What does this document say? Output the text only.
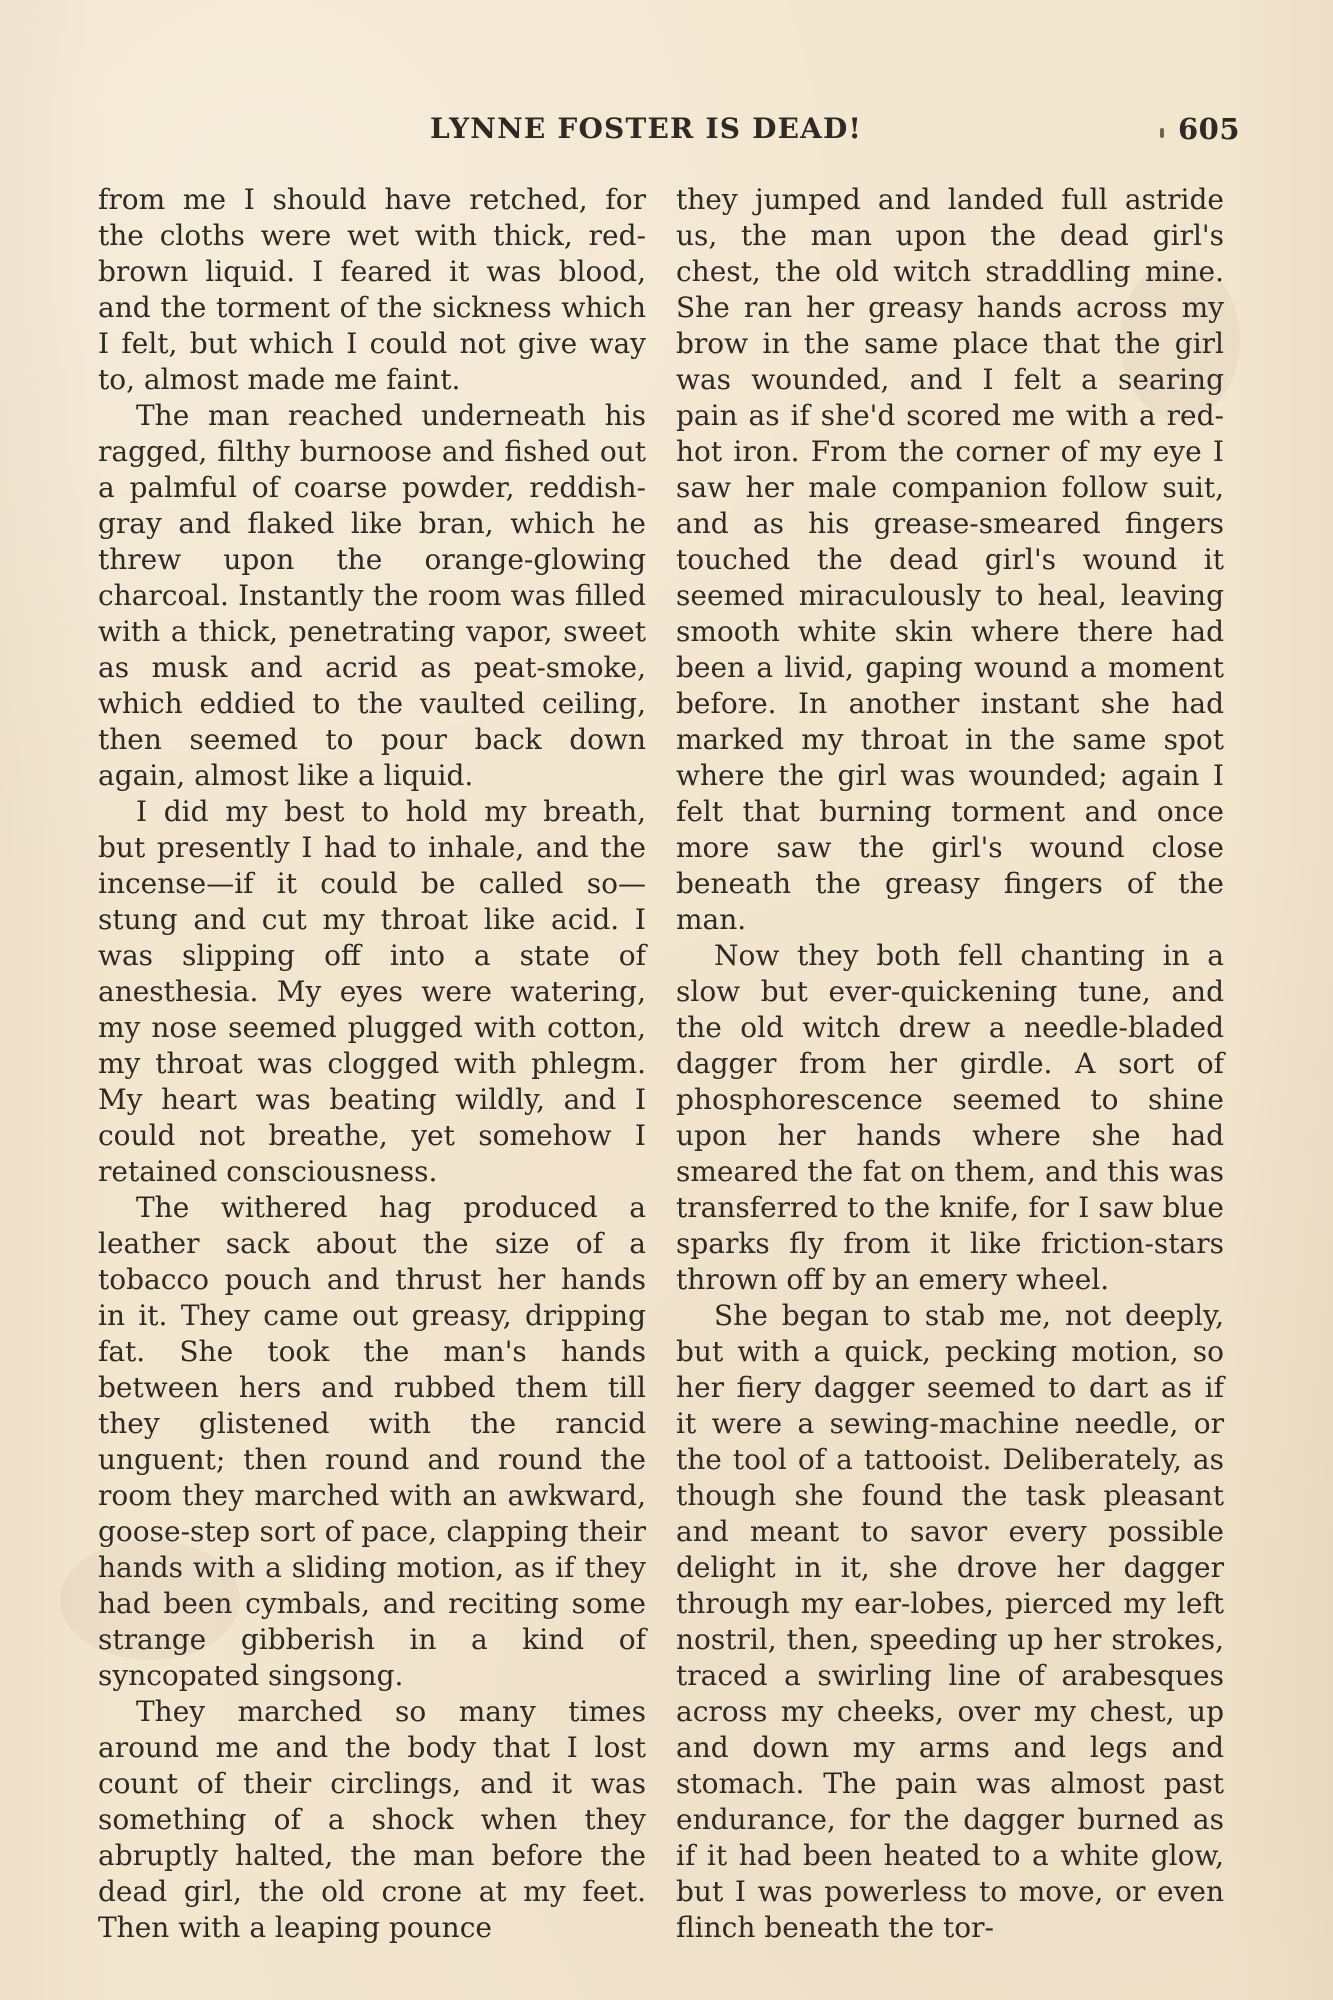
LYNNE FOSTER IS DEAD!	605

from me I should have retched, for the cloths were wet with thick, red-brown liquid. I feared it was blood, and the torment of the sickness which I felt, but which I could not give way to, almost made me faint.

The man reached underneath his ragged, filthy burnoose and fished out a palmful of coarse powder, reddish-gray and flaked like bran, which he threw upon the orange-glowing charcoal. Instantly the room was filled with a thick, penetrating vapor, sweet as musk and acrid as peat-smoke, which eddied to the vaulted ceiling, then seemed to pour back down again, almost like a liquid.

I did my best to hold my breath, but presently I had to inhale, and the incense—if it could be called so—stung and cut my throat like acid. I was slipping off into a state of anesthesia. My eyes were watering, my nose seemed plugged with cotton, my throat was clogged with phlegm. My heart was beating wildly, and I could not breathe, yet somehow I retained consciousness.

The withered hag produced a leather sack about the size of a tobacco pouch and thrust her hands in it. They came out greasy, dripping fat. She took the man's hands between hers and rubbed them till they glistened with the rancid unguent; then round and round the room they marched with an awkward, goose-step sort of pace, clapping their hands with a sliding motion, as if they had been cymbals, and reciting some strange gibberish in a kind of syncopated singsong.

They marched so many times around me and the body that I lost count of their circlings, and it was something of a shock when they abruptly halted, the man before the dead girl, the old crone at my feet. Then with a leaping pounce

they jumped and landed full astride us, the man upon the dead girl's chest, the old witch straddling mine. She ran her greasy hands across my brow in the same place that the girl was wounded, and I felt a searing pain as if she'd scored me with a red-hot iron. From the corner of my eye I saw her male companion follow suit, and as his grease-smeared fingers touched the dead girl's wound it seemed miraculously to heal, leaving smooth white skin where there had been a livid, gaping wound a moment before. In another instant she had marked my throat in the same spot where the girl was wounded; again I felt that burning torment and once more saw the girl's wound close beneath the greasy fingers of the man.

Now they both fell chanting in a slow but ever-quickening tune, and the old witch drew a needle-bladed dagger from her girdle. A sort of phosphorescence seemed to shine upon her hands where she had smeared the fat on them, and this was transferred to the knife, for I saw blue sparks fly from it like friction-stars thrown off by an emery wheel.

She began to stab me, not deeply, but with a quick, pecking motion, so her fiery dagger seemed to dart as if it were a sewing-machine needle, or the tool of a tattooist. Deliberately, as though she found the task pleasant and meant to savor every possible delight in it, she drove her dagger through my ear-lobes, pierced my left nostril, then, speeding up her strokes, traced a swirling line of arabesques across my cheeks, over my chest, up and down my arms and legs and stomach. The pain was almost past endurance, for the dagger burned as if it had been heated to a white glow, but I was powerless to move, or even flinch beneath the tor-
